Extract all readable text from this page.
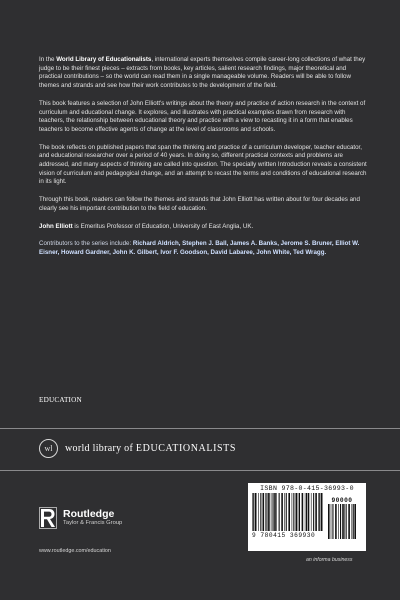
In the World Library of Educationalists, international experts themselves compile career-long collections of what they judge to be their finest pieces – extracts from books, key articles, salient research findings, major theoretical and practical contributions – so the world can read them in a single manageable volume. Readers will be able to follow themes and strands and see how their work contributes to the development of the field.

This book features a selection of John Elliott's writings about the theory and practice of action research in the context of curriculum and educational change. It explores, and illustrates with practical examples drawn from research with teachers, the relationship between educational theory and practice with a view to recasting it in a form that enables teachers to become effective agents of change at the level of classrooms and schools.

The book reflects on published papers that span the thinking and practice of a curriculum developer, teacher educator, and educational researcher over a period of 40 years. In doing so, different practical contexts and problems are addressed, and many aspects of thinking are called into question. The specially written Introduction reveals a consistent vision of curriculum and pedagogical change, and an attempt to recast the terms and conditions of educational research in its light.

Through this book, readers can follow the themes and strands that John Elliott has written about for four decades and clearly see his important contribution to the field of education.

John Elliott is Emeritus Professor of Education, University of East Anglia, UK.

Contributors to the series include: Richard Aldrich, Stephen J. Ball, James A. Banks, Jerome S. Bruner, Elliot W. Eisner, Howard Gardner, John K. Gilbert, Ivor F. Goodson, David Labaree, John White, Ted Wragg.

EDUCATION
wl	world library of EDUCATIONALISTS
Routledge
Taylor & Francis Group
www.routledge.com/education
ISBN 978-0-415-36993-0
9 780415 369930
90000
an informa business
